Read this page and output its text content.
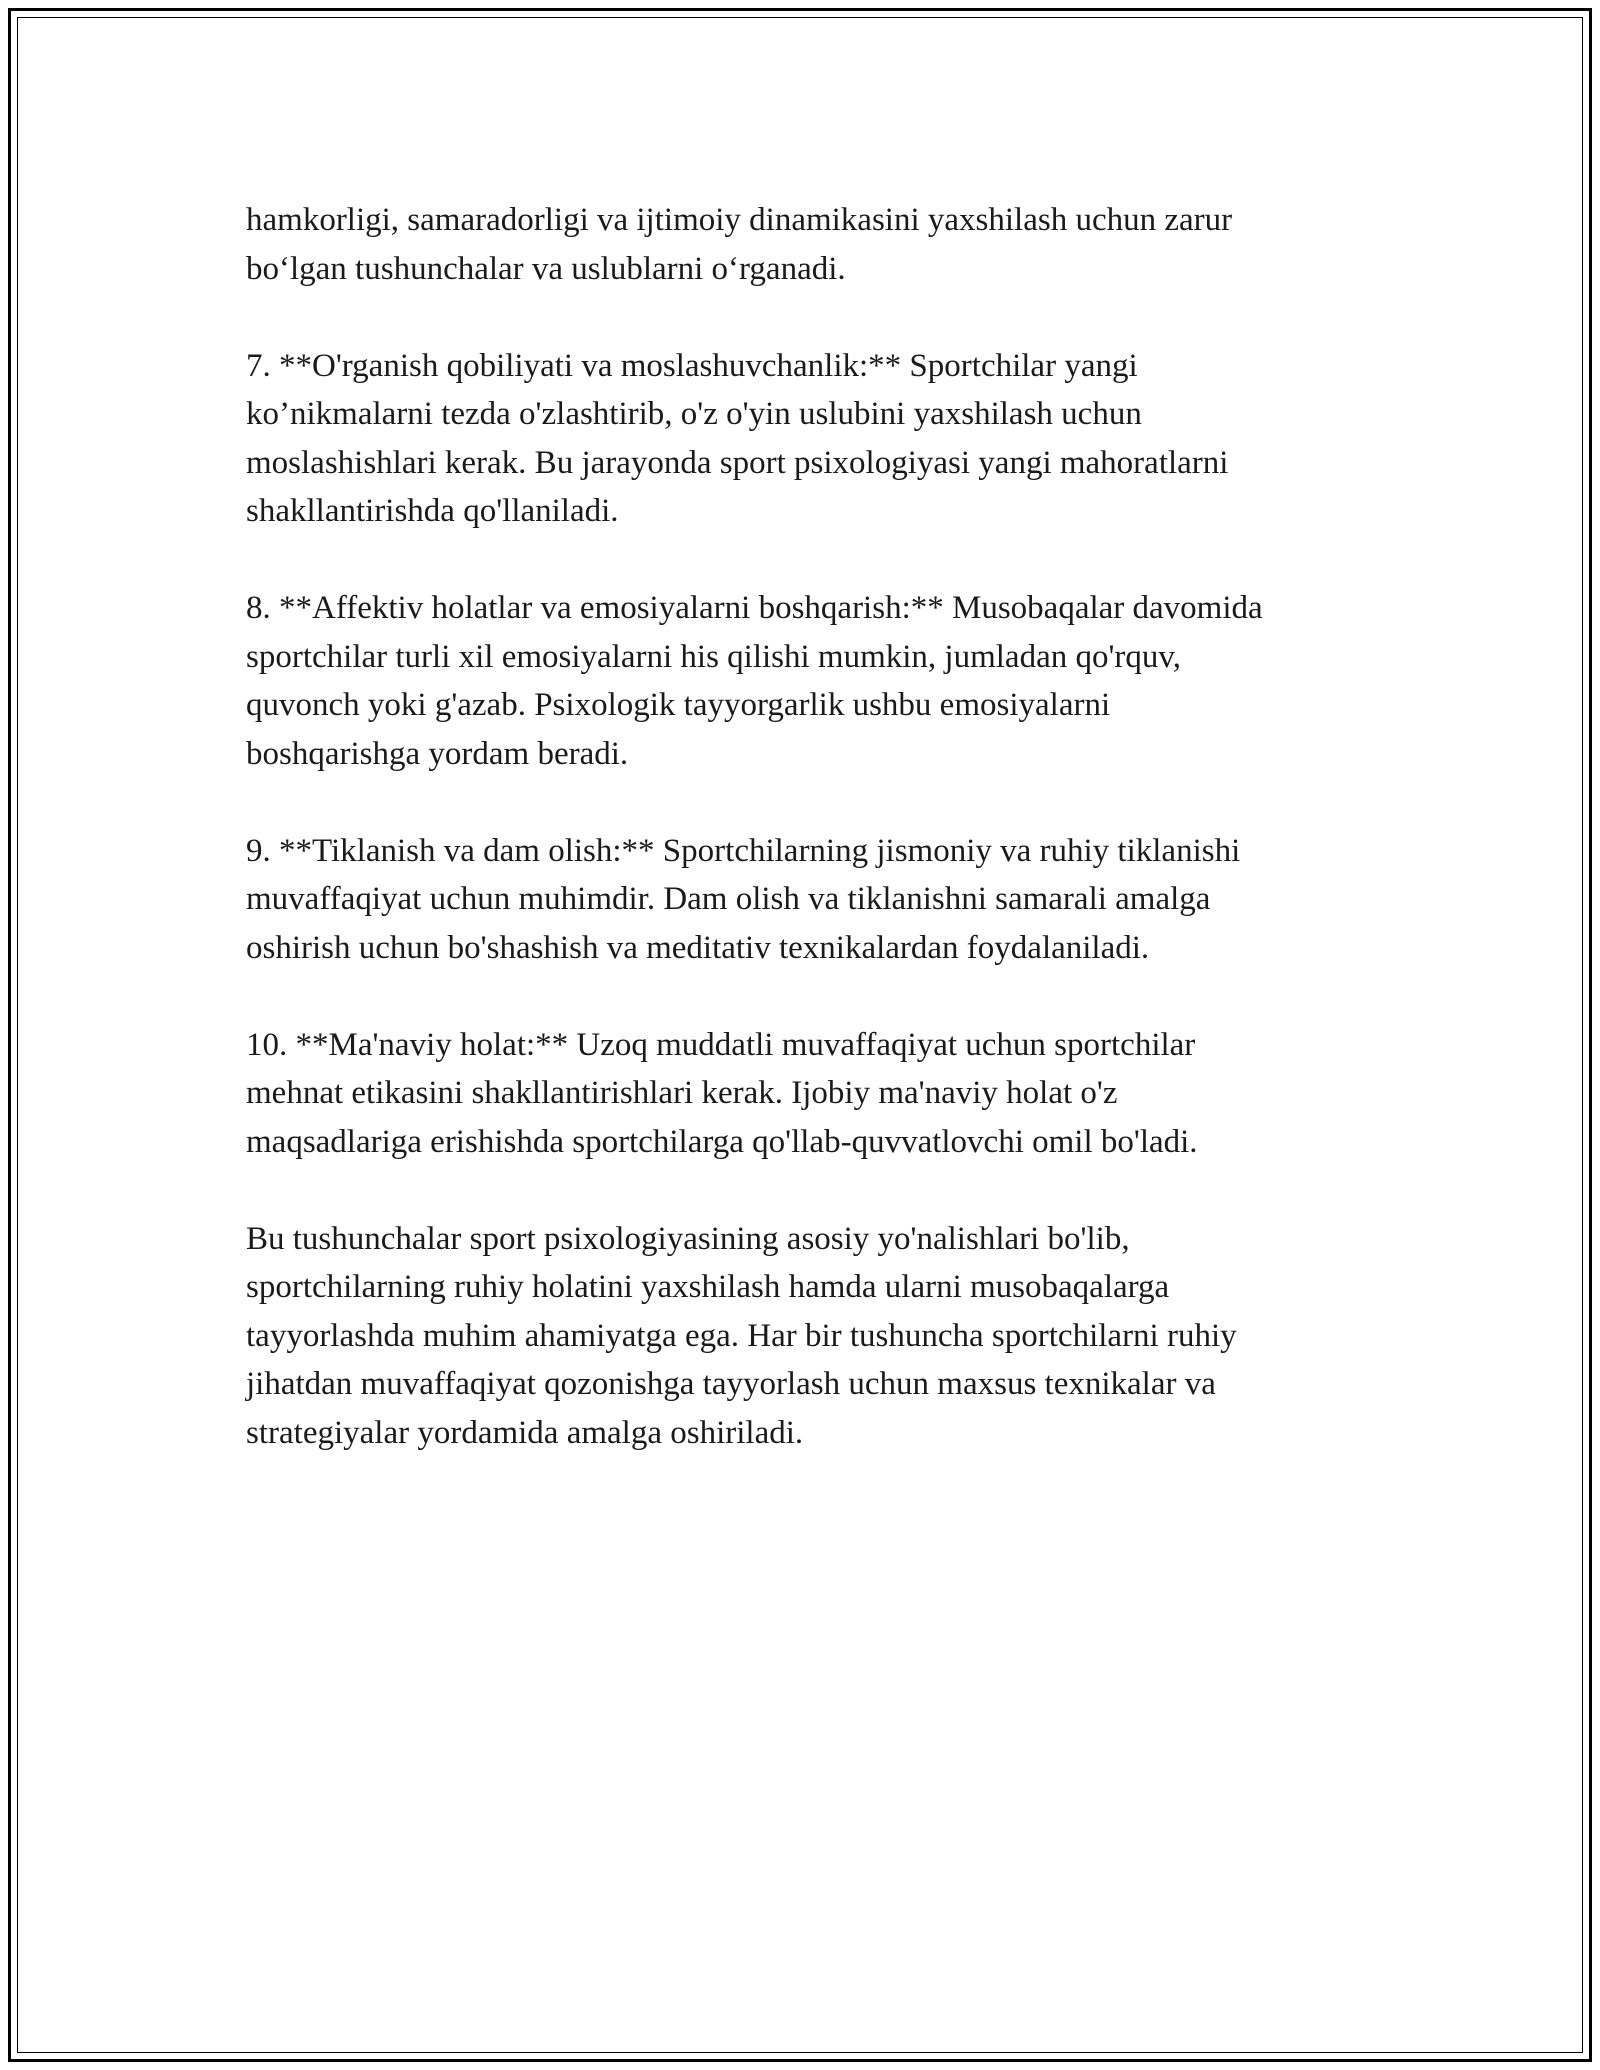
hamkorligi, samaradorligi va ijtimoiy dinamikasini yaxshilash uchun zarur
bo‘lgan tushunchalar va uslublarni o‘rganadi.

7. **O'rganish qobiliyati va moslashuvchanlik:** Sportchilar yangi
ko’nikmalarni tezda o'zlashtirib, o'z o'yin uslubini yaxshilash uchun
moslashishlari kerak. Bu jarayonda sport psixologiyasi yangi mahoratlarni
shakllantirishda qo'llaniladi.

8. **Affektiv holatlar va emosiyalarni boshqarish:** Musobaqalar davomida
sportchilar turli xil emosiyalarni his qilishi mumkin, jumladan qo'rquv,
quvonch yoki g'azab. Psixologik tayyorgarlik ushbu emosiyalarni
boshqarishga yordam beradi.

9. **Tiklanish va dam olish:** Sportchilarning jismoniy va ruhiy tiklanishi
muvaffaqiyat uchun muhimdir. Dam olish va tiklanishni samarali amalga
oshirish uchun bo'shashish va meditativ texnikalardan foydalaniladi.

10. **Ma'naviy holat:** Uzoq muddatli muvaffaqiyat uchun sportchilar
mehnat etikasini shakllantirishlari kerak. Ijobiy ma'naviy holat o'z
maqsadlariga erishishda sportchilarga qo'llab-quvvatlovchi omil bo'ladi.

Bu tushunchalar sport psixologiyasining asosiy yo'nalishlari bo'lib,
sportchilarning ruhiy holatini yaxshilash hamda ularni musobaqalarga
tayyorlashda muhim ahamiyatga ega. Har bir tushuncha sportchilarni ruhiy
jihatdan muvaffaqiyat qozonishga tayyorlash uchun maxsus texnikalar va
strategiyalar yordamida amalga oshiriladi.
